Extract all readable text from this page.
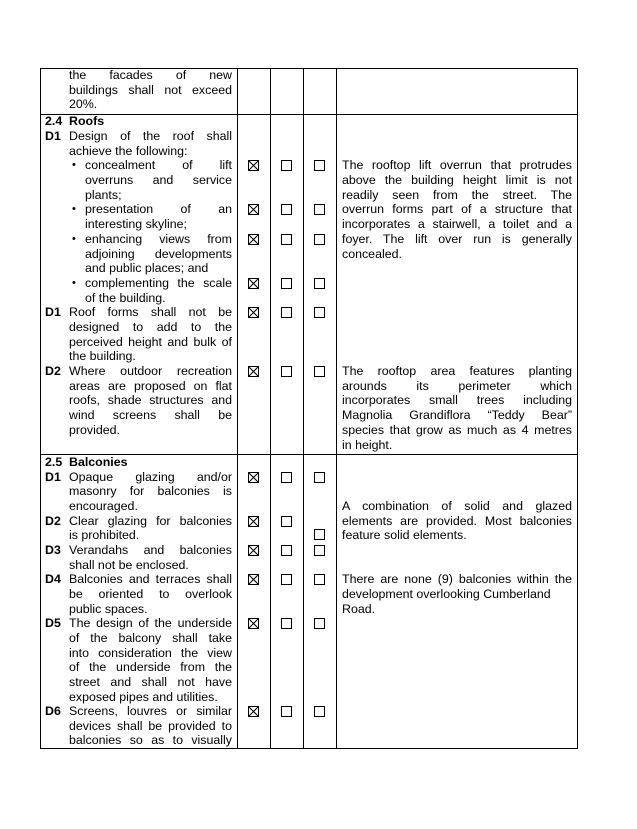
the facades of new
buildings shall not exceed
20%.
2.4 Roofs
D1 Design of the roof shall
achieve the following:
• concealment of lift
overruns and service
plants;
• presentation of an
interesting skyline;
• enhancing views from
adjoining developments
and public places; and
• complementing the scale
of the building.
D1 Roof forms shall not be
designed to add to the
perceived height and bulk of
the building.
D2 Where outdoor recreation
areas are proposed on flat
roofs, shade structures and
wind screens shall be
provided.
The rooftop lift overrun that protrudes
above the building height limit is not
readily seen from the street. The
overrun forms part of a structure that
incorporates a stairwell, a toilet and a
foyer. The lift over run is generally
concealed.
The rooftop area features planting
arounds its perimeter which
incorporates small trees including
Magnolia Grandiflora “Teddy Bear”
species that grow as much as 4 metres
in height.
2.5 Balconies
D1 Opaque glazing and/or
masonry for balconies is
encouraged.
D2 Clear glazing for balconies
is prohibited.
D3 Verandahs and balconies
shall not be enclosed.
D4 Balconies and terraces shall
be oriented to overlook
public spaces.
D5 The design of the underside
of the balcony shall take
into consideration the view
of the underside from the
street and shall not have
exposed pipes and utilities.
D6 Screens, louvres or similar
devices shall be provided to
balconies so as to visually
A combination of solid and glazed
elements are provided. Most balconies
feature solid elements.
There are none (9) balconies within the
development overlooking Cumberland
Road.
